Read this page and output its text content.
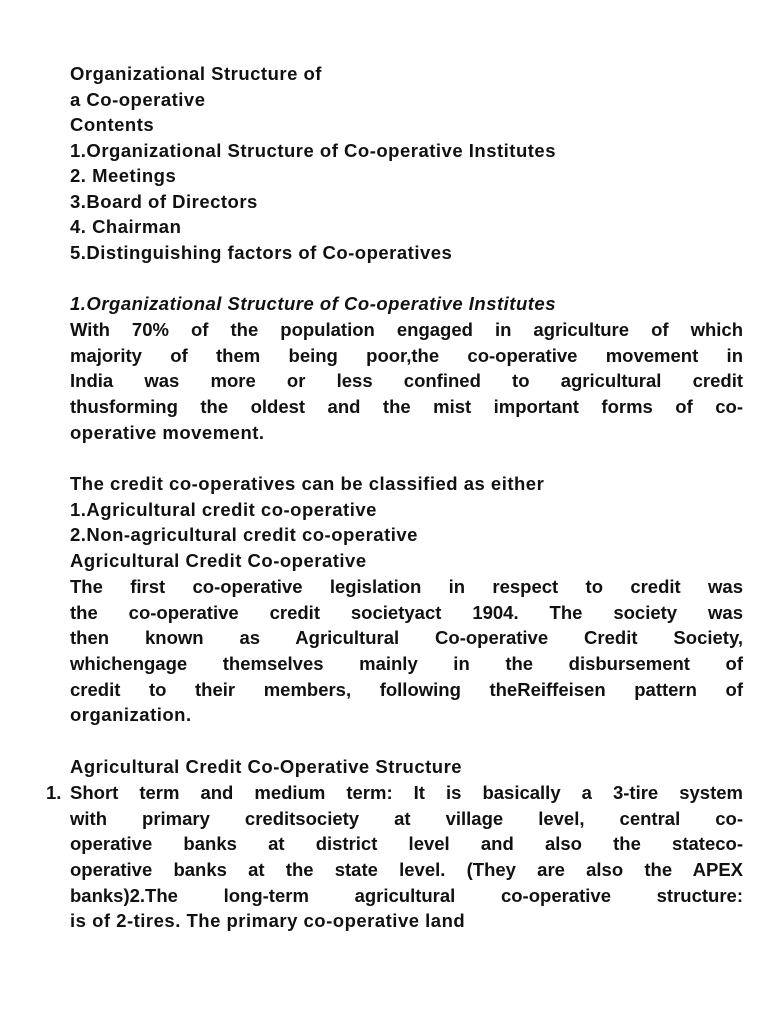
Organizational Structure of
a Co-operative
Contents
1.Organizational Structure of Co-operative Institutes
2. Meetings
3.Board of Directors
4. Chairman
5.Distinguishing factors of Co-operatives
1.Organizational Structure of Co-operative Institutes
With 70% of the population engaged in agriculture of which
majority of them being poor,the co-operative movement in
India was more or less confined to agricultural credit
thusforming the oldest and the mist important forms of co-
operative movement.
The credit co-operatives can be classified as either
1.Agricultural credit co-operative
2.Non-agricultural credit co-operative
Agricultural Credit Co-operative
The first co-operative legislation in respect to credit was
the co-operative credit societyact 1904. The society was
then known as Agricultural Co-operative Credit Society,
whichengage themselves mainly in the disbursement of
credit to their members, following theReiffeisen pattern of
organization.
Agricultural Credit Co-Operative Structure
1. Short term and medium term: It is basically a 3-tire system
with primary creditsociety at village level, central co-
operative banks at district level and also the stateco-
operative banks at the state level. (They are also the APEX
banks)2.The long-term agricultural co-operative structure:
is of 2-tires. The primary co-operative land
